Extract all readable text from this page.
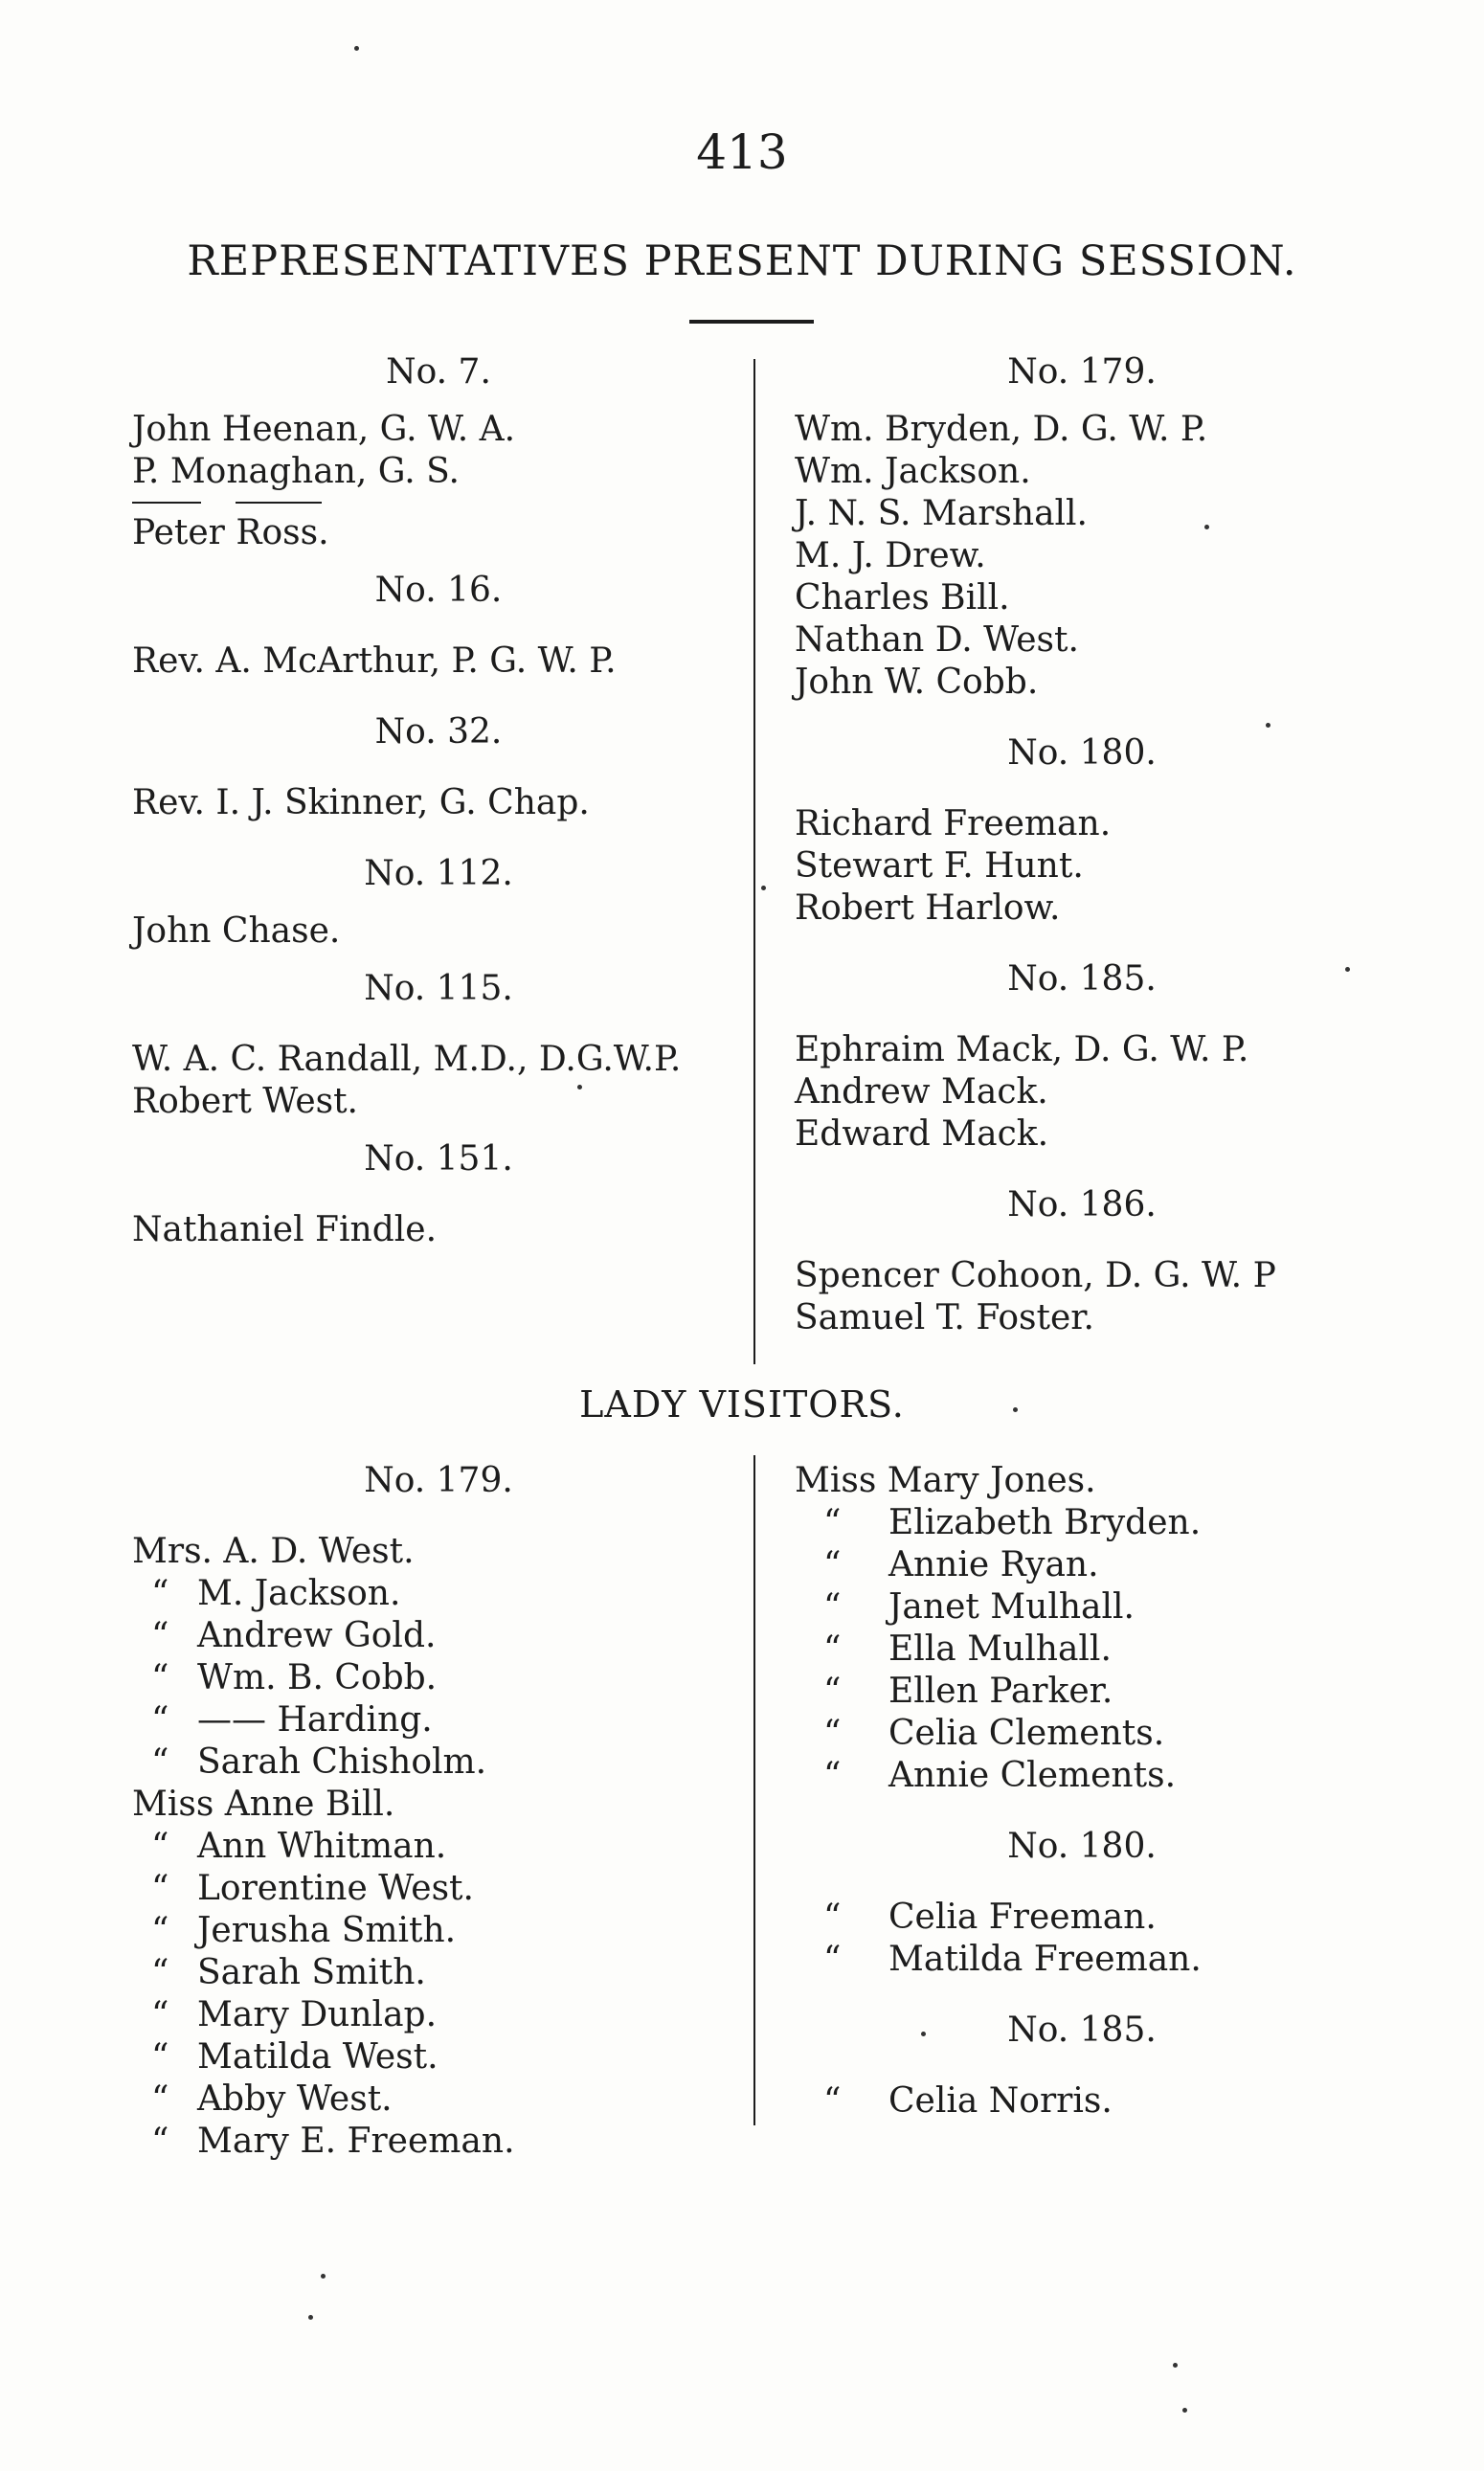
413
REPRESENTATIVES PRESENT DURING SESSION.
No. 7.
John Heenan, G. W. A.
P. Monaghan, G. S.
Peter Ross.
No. 16.
Rev. A. McArthur, P. G. W. P.
No. 32.
Rev. I. J. Skinner, G. Chap.
No. 112.
John Chase.
No. 115.
W. A. C. Randall, M.D., D.G.W.P.
Robert West.
No. 151.
Nathaniel Findle.
No. 179.
Wm. Bryden, D. G. W. P.
Wm. Jackson.
J. N. S. Marshall.
M. J. Drew.
Charles Bill.
Nathan D. West.
John W. Cobb.
No. 180.
Richard Freeman.
Stewart F. Hunt.
Robert Harlow.
No. 185.
Ephraim Mack, D. G. W. P.
Andrew Mack.
Edward Mack.
No. 186.
Spencer Cohoon, D. G. W. P
Samuel T. Foster.
LADY VISITORS.
No. 179.
Mrs. A. D. West.
“ M. Jackson.
“ Andrew Gold.
“ Wm. B. Cobb.
“ —— Harding.
“ Sarah Chisholm.
Miss Anne Bill.
“ Ann Whitman.
“ Lorentine West.
“ Jerusha Smith.
“ Sarah Smith.
“ Mary Dunlap.
“ Matilda West.
“ Abby West.
“ Mary E. Freeman.
Miss Mary Jones.
“ Elizabeth Bryden.
“ Annie Ryan.
“ Janet Mulhall.
“ Ella Mulhall.
“ Ellen Parker.
“ Celia Clements.
“ Annie Clements.
No. 180.
“ Celia Freeman.
“ Matilda Freeman.
No. 185.
“ Celia Norris.
